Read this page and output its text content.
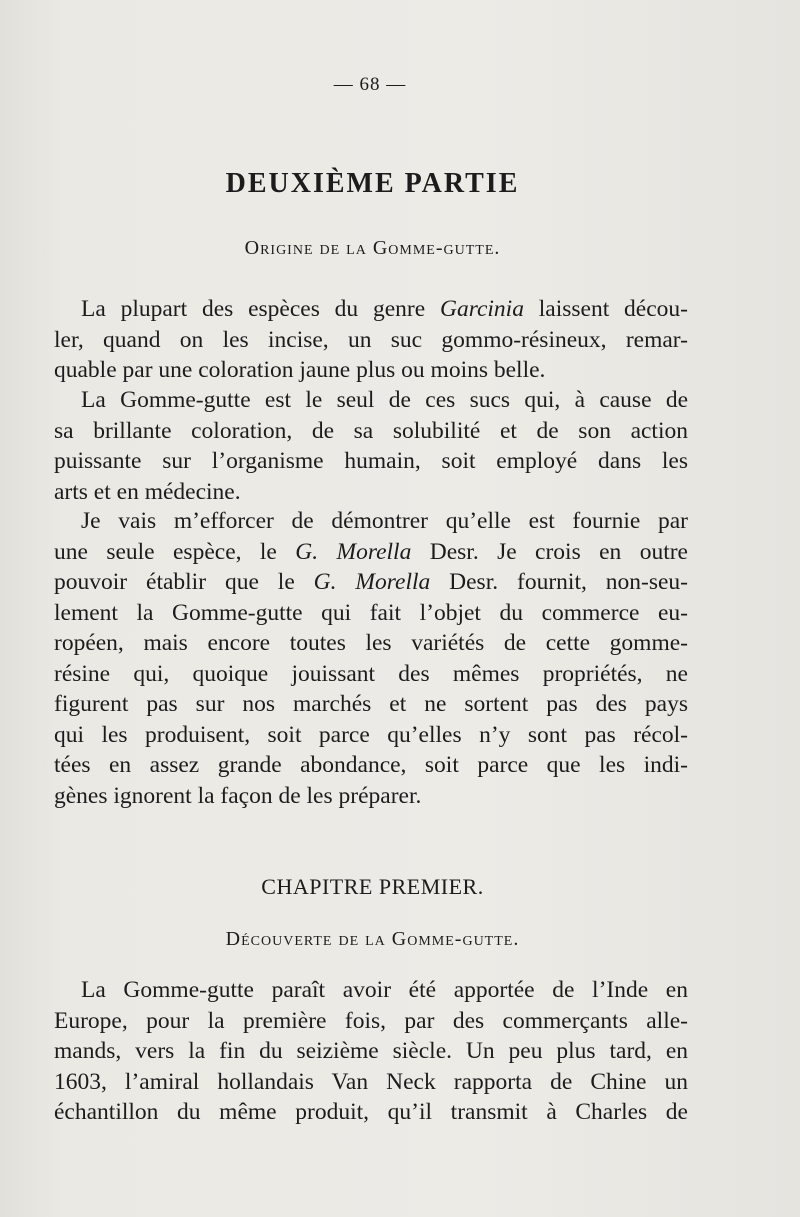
— 68 —
DEUXIÈME PARTIE
Origine de la Gomme-gutte.
La plupart des espèces du genre Garcinia laissent décou-
ler, quand on les incise, un suc gommo-résineux, remar-
quable par une coloration jaune plus ou moins belle.
La Gomme-gutte est le seul de ces sucs qui, à cause de
sa brillante coloration, de sa solubilité et de son action
puissante sur l’organisme humain, soit employé dans les
arts et en médecine.
Je vais m’efforcer de démontrer qu’elle est fournie par
une seule espèce, le G. Morella Desr. Je crois en outre
pouvoir établir que le G. Morella Desr. fournit, non-seu-
lement la Gomme-gutte qui fait l’objet du commerce eu-
ropéen, mais encore toutes les variétés de cette gomme-
résine qui, quoique jouissant des mêmes propriétés, ne
figurent pas sur nos marchés et ne sortent pas des pays
qui les produisent, soit parce qu’elles n’y sont pas récol-
tées en assez grande abondance, soit parce que les indi-
gènes ignorent la façon de les préparer.
CHAPITRE PREMIER.
Découverte de la Gomme-gutte.
La Gomme-gutte paraît avoir été apportée de l’Inde en
Europe, pour la première fois, par des commerçants alle-
mands, vers la fin du seizième siècle. Un peu plus tard, en
1603, l’amiral hollandais Van Neck rapporta de Chine un
échantillon du même produit, qu’il transmit à Charles de
